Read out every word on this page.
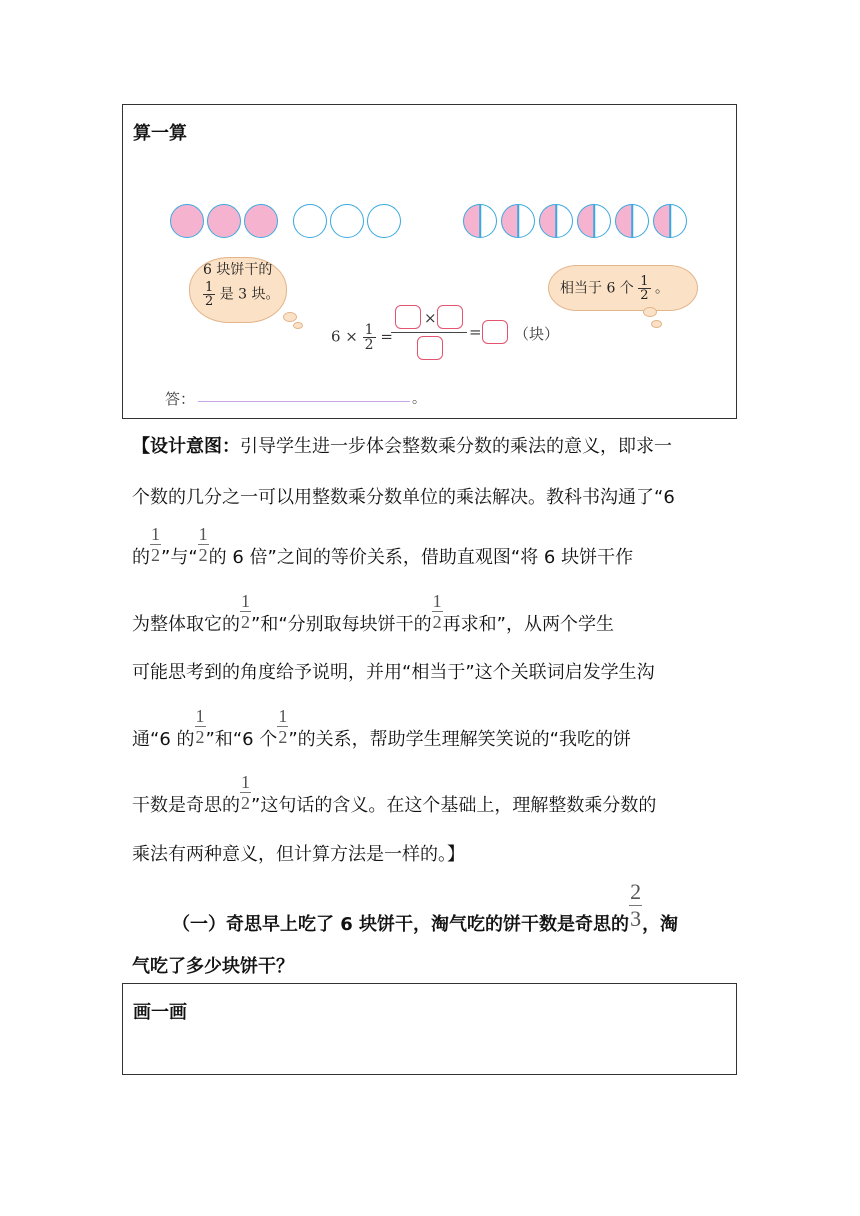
算一算
6 块饼干的
$\frac{1}{2}$ 是 3 块。	相当于 6 个 $\frac{1}{2}$ 。
$6 \times \frac{1}{2}$ =
×
= （块）
答：	。
【设计意图：引导学生进一步体会整数乘分数的乘法的意义，即求一
个数的几分之一可以用整数乘分数单位的乘法解决。教科书沟通了“6
的 $\frac{1}{2}$ ”与“ $\frac{1}{2}$ 的 6 倍”之间的等价关系，借助直观图“将 6 块饼干作
为整体取它的 $\frac{1}{2}$ ”和“分别取每块饼干的 $\frac{1}{2}$ 再求和”，从两个学生
可能思考到的角度给予说明，并用“相当于”这个关联词启发学生沟
通“6 的 $\frac{1}{2}$ ”和“6 个 $\frac{1}{2}$ ”的关系，帮助学生理解笑笑说的“我吃的饼
干数是奇思的 $\frac{1}{2}$ ”这句话的含义。在这个基础上，理解整数乘分数的
乘法有两种意义，但计算方法是一样的。】
（一）奇思早上吃了 6 块饼干，淘气吃的饼干数是奇思的 $\frac{2}{3}$ ，淘
气吃了多少块饼干？
画一画
